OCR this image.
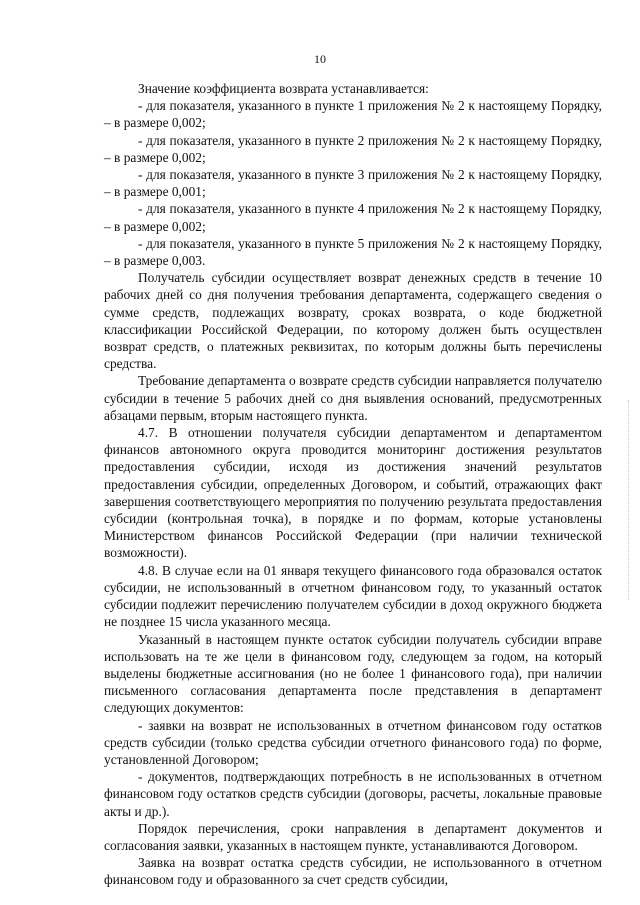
10

Значение коэффициента возврата устанавливается:

- для показателя, указанного в пункте 1 приложения № 2 к настоящему Порядку, – в размере 0,002;

- для показателя, указанного в пункте 2 приложения № 2 к настоящему Порядку, – в размере 0,002;

- для показателя, указанного в пункте 3 приложения № 2 к настоящему Порядку, – в размере 0,001;

- для показателя, указанного в пункте 4 приложения № 2 к настоящему Порядку, – в размере 0,002;

- для показателя, указанного в пункте 5 приложения № 2 к настоящему Порядку, – в размере 0,003.

Получатель субсидии осуществляет возврат денежных средств в течение 10 рабочих дней со дня получения требования департамента, содержащего сведения о сумме средств, подлежащих возврату, сроках возврата, о коде бюджетной классификации Российской Федерации, по которому должен быть осуществлен возврат средств, о платежных реквизитах, по которым должны быть перечислены средства.

Требование департамента о возврате средств субсидии направляется получателю субсидии в течение 5 рабочих дней со дня выявления оснований, предусмотренных абзацами первым, вторым настоящего пункта.

4.7. В отношении получателя субсидии департаментом и департаментом финансов автономного округа проводится мониторинг достижения результатов предоставления субсидии, исходя из достижения значений результатов предоставления субсидии, определенных Договором, и событий, отражающих факт завершения соответствующего мероприятия по получению результата предоставления субсидии (контрольная точка), в порядке и по формам, которые установлены Министерством финансов Российской Федерации (при наличии технической возможности).

4.8. В случае если на 01 января текущего финансового года образовался остаток субсидии, не использованный в отчетном финансовом году, то указанный остаток субсидии подлежит перечислению получателем субсидии в доход окружного бюджета не позднее 15 числа указанного месяца.

Указанный в настоящем пункте остаток субсидии получатель субсидии вправе использовать на те же цели в финансовом году, следующем за годом, на который выделены бюджетные ассигнования (но не более 1 финансового года), при наличии письменного согласования департамента после представления в департамент следующих документов:

- заявки на возврат не использованных в отчетном финансовом году остатков средств субсидии (только средства субсидии отчетного финансового года) по форме, установленной Договором;

- документов, подтверждающих потребность в не использованных в отчетном финансовом году остатков средств субсидии (договоры, расчеты, локальные правовые акты и др.).

Порядок перечисления, сроки направления в департамент документов и согласования заявки, указанных в настоящем пункте, устанавливаются Договором.

Заявка на возврат остатка средств субсидии, не использованного в отчетном финансовом году и образованного за счет средств субсидии,
